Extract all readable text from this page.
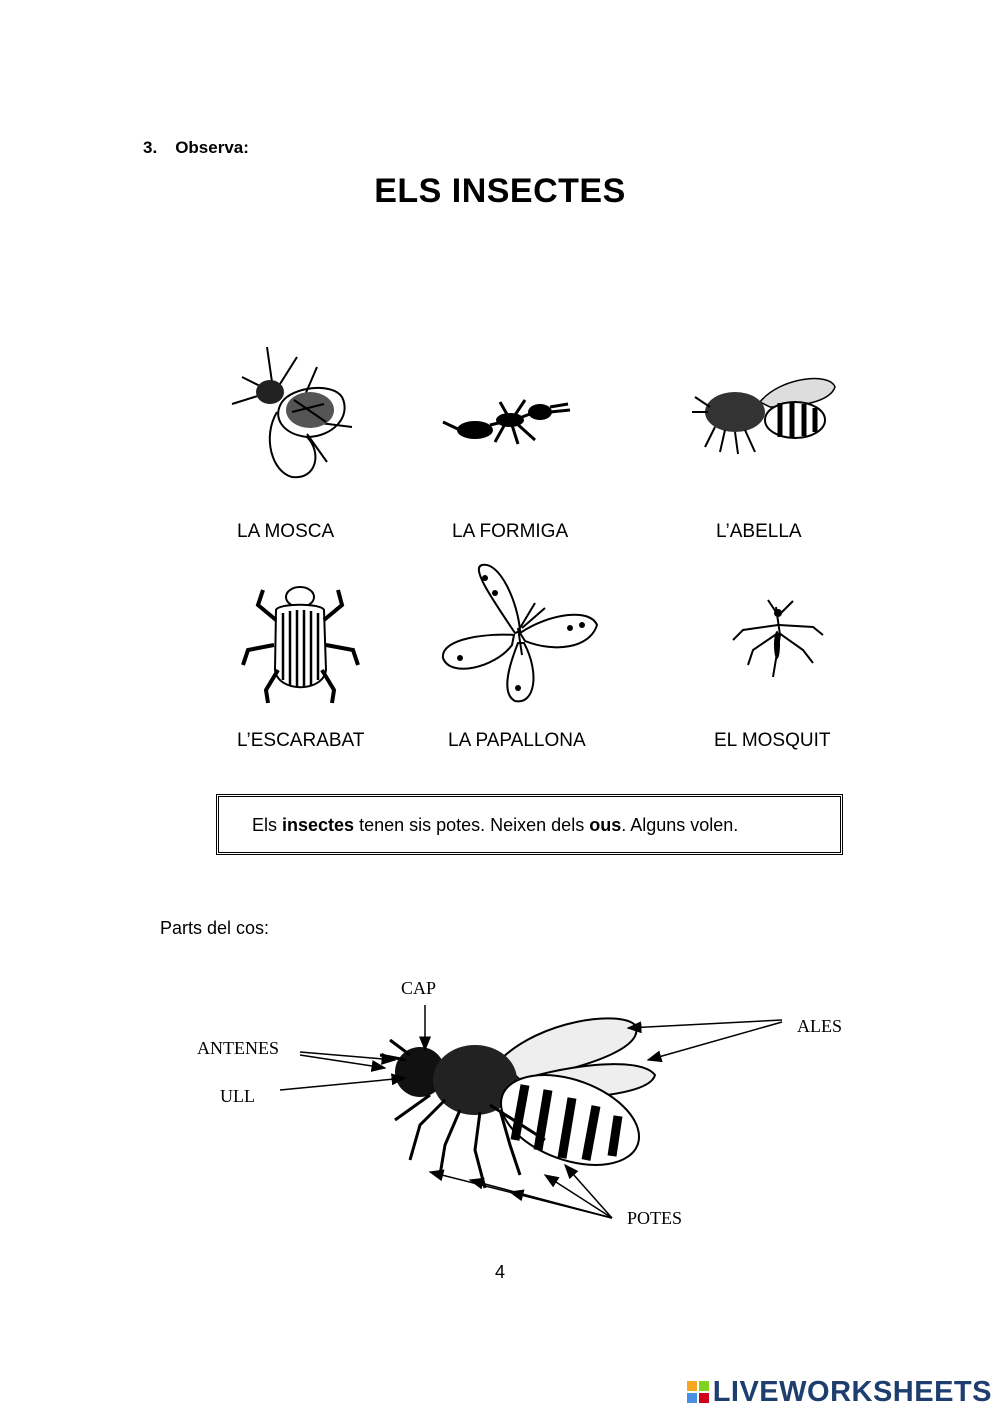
3. Observa:
ELS INSECTES
LA MOSCA	LA FORMIGA	L’ABELLA
L’ESCARABAT	LA PAPALLONA	EL MOSQUIT
Els insectes tenen sis potes. Neixen dels ous. Alguns volen.
Parts del cos:
CAP
ANTENES
ULL
ALES
POTES
4
LIVEWORKSHEETS
